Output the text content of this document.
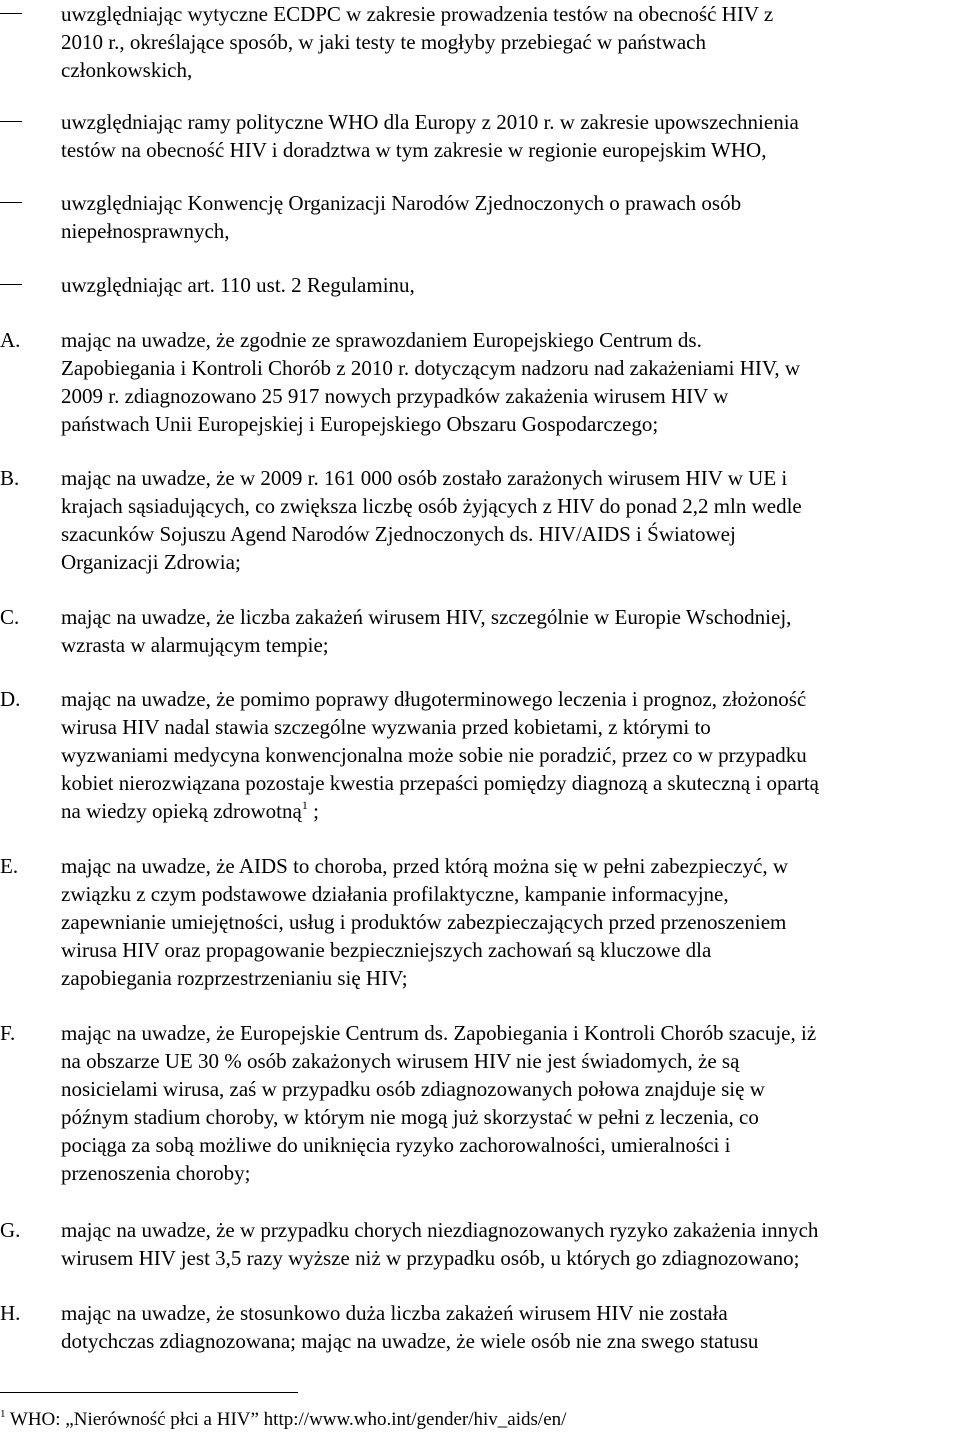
uwzględniając wytyczne ECDPC w zakresie prowadzenia testów na obecność HIV z
2010 r., określające sposób, w jaki testy te mogłyby przebiegać w państwach
członkowskich,
uwzględniając ramy polityczne WHO dla Europy z 2010 r. w zakresie upowszechnienia
testów na obecność HIV i doradztwa w tym zakresie w regionie europejskim WHO,
uwzględniając Konwencję Organizacji Narodów Zjednoczonych o prawach osób
niepełnosprawnych,
uwzględniając art. 110 ust. 2 Regulaminu,
A. mając na uwadze, że zgodnie ze sprawozdaniem Europejskiego Centrum ds.
Zapobiegania i Kontroli Chorób z 2010 r. dotyczącym nadzoru nad zakażeniami HIV, w
2009 r. zdiagnozowano 25 917 nowych przypadków zakażenia wirusem HIV w
państwach Unii Europejskiej i Europejskiego Obszaru Gospodarczego;
B. mając na uwadze, że w 2009 r. 161 000 osób zostało zarażonych wirusem HIV w UE i
krajach sąsiadujących, co zwiększa liczbę osób żyjących z HIV do ponad 2,2 mln wedle
szacunków Sojuszu Agend Narodów Zjednoczonych ds. HIV/AIDS i Światowej
Organizacji Zdrowia;
C. mając na uwadze, że liczba zakażeń wirusem HIV, szczególnie w Europie Wschodniej,
wzrasta w alarmującym tempie;
D. mając na uwadze, że pomimo poprawy długoterminowego leczenia i prognoz, złożoność
wirusa HIV nadal stawia szczególne wyzwania przed kobietami, z którymi to
wyzwaniami medycyna konwencjonalna może sobie nie poradzić, przez co w przypadku
kobiet nierozwiązana pozostaje kwestia przepaści pomiędzy diagnozą a skuteczną i opartą
na wiedzy opieką zdrowotną$^1$ ;
E. mając na uwadze, że AIDS to choroba, przed którą można się w pełni zabezpieczyć, w
związku z czym podstawowe działania profilaktyczne, kampanie informacyjne,
zapewnianie umiejętności, usług i produktów zabezpieczających przed przenoszeniem
wirusa HIV oraz propagowanie bezpieczniejszych zachowań są kluczowe dla
zapobiegania rozprzestrzenianiu się HIV;
F. mając na uwadze, że Europejskie Centrum ds. Zapobiegania i Kontroli Chorób szacuje, iż
na obszarze UE 30 % osób zakażonych wirusem HIV nie jest świadomych, że są
nosicielami wirusa, zaś w przypadku osób zdiagnozowanych połowa znajduje się w
późnym stadium choroby, w którym nie mogą już skorzystać w pełni z leczenia, co
pociąga za sobą możliwe do uniknięcia ryzyko zachorowalności, umieralności i
przenoszenia choroby;
G. mając na uwadze, że w przypadku chorych niezdiagnozowanych ryzyko zakażenia innych
wirusem HIV jest 3,5 razy wyższe niż w przypadku osób, u których go zdiagnozowano;
H. mając na uwadze, że stosunkowo duża liczba zakażeń wirusem HIV nie została
dotychczas zdiagnozowana; mając na uwadze, że wiele osób nie zna swego statusu
$^1$ WHO: „Nierówność płci a HIV” http://www.who.int/gender/hiv_aids/en/
